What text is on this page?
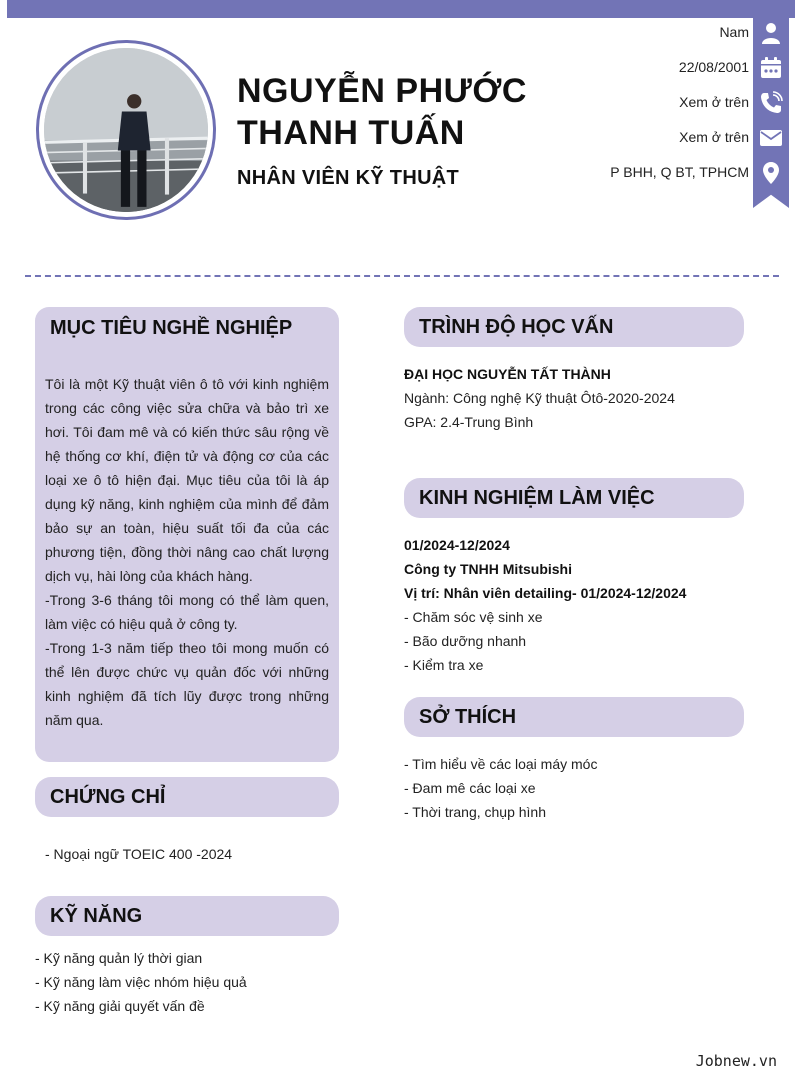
NGUYỄN PHƯỚC
THANH TUẤN
NHÂN VIÊN KỸ THUẬT
Nam
22/08/2001
Xem ở trên
Xem ở trên
P BHH, Q BT, TPHCM
MỤC TIÊU NGHỀ NGHIỆP

Tôi là một Kỹ thuật viên ô tô với kinh nghiệm trong các công việc sửa chữa và bảo trì xe hơi. Tôi đam mê và có kiến thức sâu rộng về hệ thống cơ khí, điện tử và động cơ của các loại xe ô tô hiện đại. Mục tiêu của tôi là áp dụng kỹ năng, kinh nghiệm của mình để đảm bảo sự an toàn, hiệu suất tối đa của các phương tiện, đồng thời nâng cao chất lượng dịch vụ, hài lòng của khách hàng.

-Trong 3-6 tháng tôi mong có thể làm quen, làm việc có hiệu quả ở công ty.

-Trong 1-3 năm tiếp theo tôi mong muốn có thể lên được chức vụ quản đốc với những kinh nghiệm đã tích lũy được trong những năm qua.

CHỨNG CHỈ
- Ngoại ngữ TOEIC 400 -2024
KỸ NĂNG
- Kỹ năng quản lý thời gian
- Kỹ năng làm việc nhóm hiệu quả
- Kỹ năng giải quyết vấn đề
TRÌNH ĐỘ HỌC VẤN
ĐẠI HỌC NGUYỄN TẤT THÀNH
Ngành: Công nghệ Kỹ thuật Ôtô-2020-2024
GPA: 2.4-Trung Bình
KINH NGHIỆM LÀM VIỆC
01/2024-12/2024
Công ty TNHH Mitsubishi
Vị trí: Nhân viên detailing- 01/2024-12/2024
- Chăm sóc vệ sinh xe
- Bão dưỡng nhanh
- Kiểm tra xe
SỞ THÍCH
- Tìm hiểu về các loại máy móc
- Đam mê các loại xe
- Thời trang, chụp hình
Jobnew.vn
